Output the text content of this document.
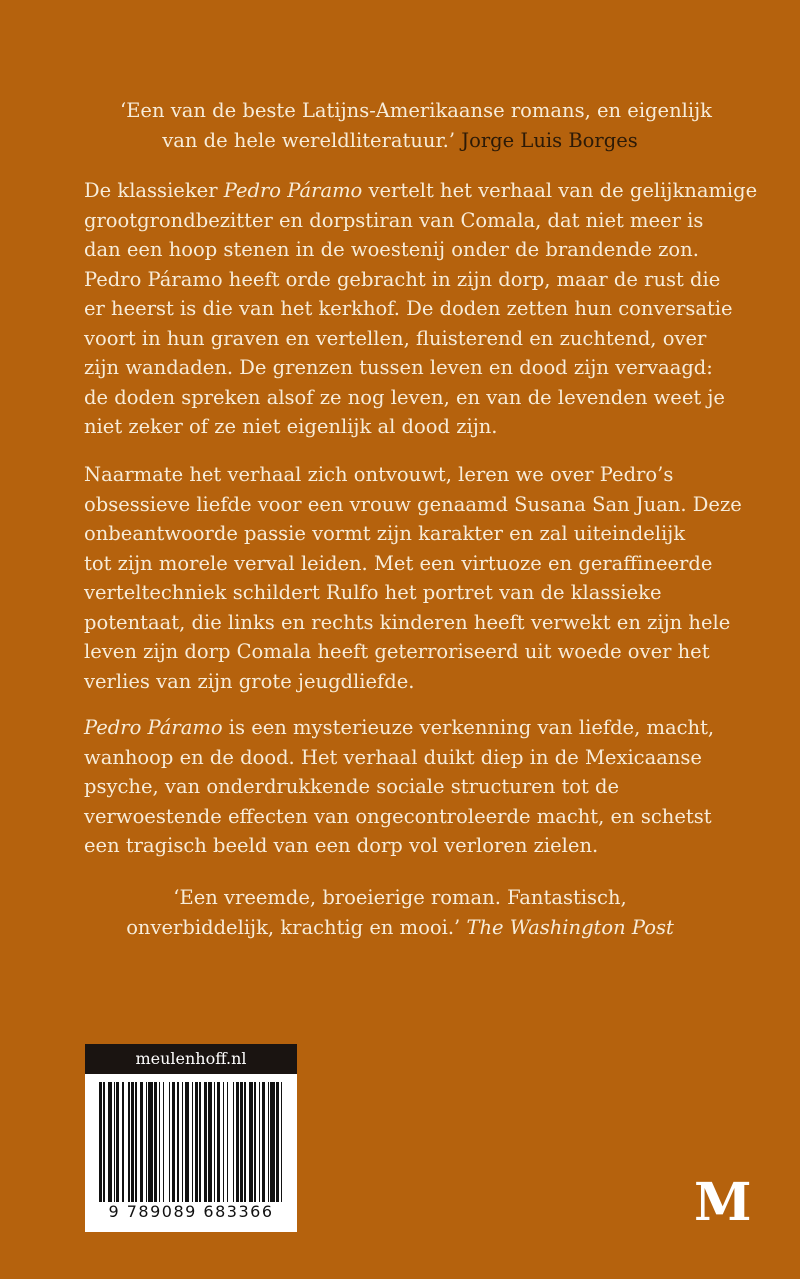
‘Een van de beste Latijns-Amerikaanse romans, en eigenlijk
van de hele wereldliteratuur.’ Jorge Luis Borges
De klassieker Pedro Páramo vertelt het verhaal van de gelijknamige
grootgrondbezitter en dorpstiran van Comala, dat niet meer is
dan een hoop stenen in de woestenij onder de brandende zon.
Pedro Páramo heeft orde gebracht in zijn dorp, maar de rust die
er heerst is die van het kerkhof. De doden zetten hun conversatie
voort in hun graven en vertellen, fluisterend en zuchtend, over
zijn wandaden. De grenzen tussen leven en dood zijn vervaagd:
de doden spreken alsof ze nog leven, en van de levenden weet je
niet zeker of ze niet eigenlijk al dood zijn.
Naarmate het verhaal zich ontvouwt, leren we over Pedro’s
obsessieve liefde voor een vrouw genaamd Susana San Juan. Deze
onbeantwoorde passie vormt zijn karakter en zal uiteindelijk
tot zijn morele verval leiden. Met een virtuoze en geraffineerde
verteltechniek schildert Rulfo het portret van de klassieke
potentaat, die links en rechts kinderen heeft verwekt en zijn hele
leven zijn dorp Comala heeft geterroriseerd uit woede over het
verlies van zijn grote jeugdliefde.
Pedro Páramo is een mysterieuze verkenning van liefde, macht,
wanhoop en de dood. Het verhaal duikt diep in de Mexicaanse
psyche, van onderdrukkende sociale structuren tot de
verwoestende effecten van ongecontroleerde macht, en schetst
een tragisch beeld van een dorp vol verloren zielen.
‘Een vreemde, broeierige roman. Fantastisch,
onverbiddelijk, krachtig en mooi.’ The Washington Post
meulenhoff.nl
9 789089 683366	M
